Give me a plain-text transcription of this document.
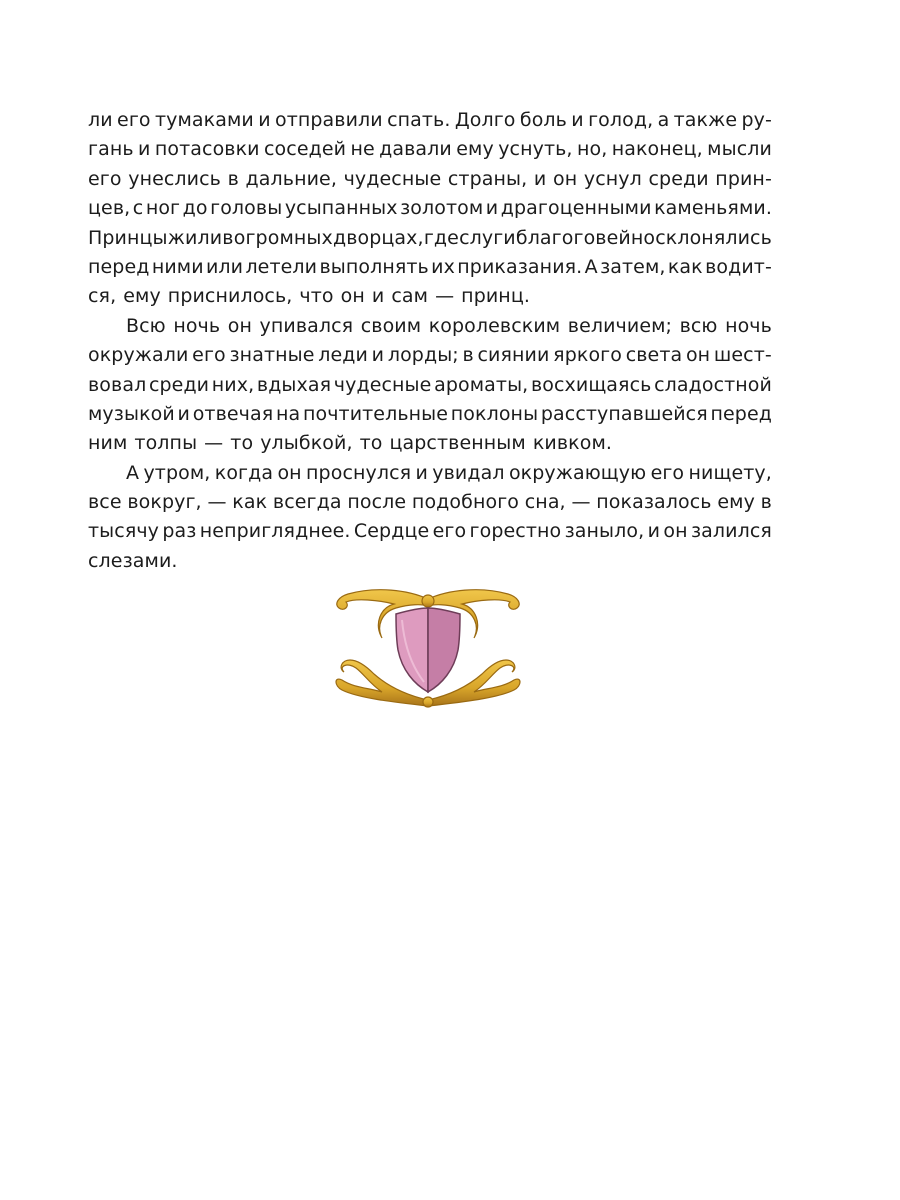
ли его тумаками и отправили спать. Долго боль и голод, а также ру-
гань и потасовки соседей не давали ему уснуть, но, наконец, мысли
его унеслись в дальние, чудесные страны, и он уснул среди прин-
цев, с ног до головы усыпанных золотом и драгоценными каменьями.
Принцы жили в огромных дворцах, где слуги благоговейно склонялись
перед ними или летели выполнять их приказания. А затем, как водит-
ся, ему приснилось, что он и сам — принц.
Всю ночь он упивался своим королевским величием; всю ночь
окружали его знатные леди и лорды; в сиянии яркого света он шест-
вовал среди них, вдыхая чудесные ароматы, восхищаясь сладостной
музыкой и отвечая на почтительные поклоны расступавшейся перед
ним толпы — то улыбкой, то царственным кивком.
А утром, когда он проснулся и увидал окружающую его нищету,
все вокруг, — как всегда после подобного сна, — показалось ему в
тысячу раз непригляднее. Сердце его горестно заныло, и он залился
слезами.
